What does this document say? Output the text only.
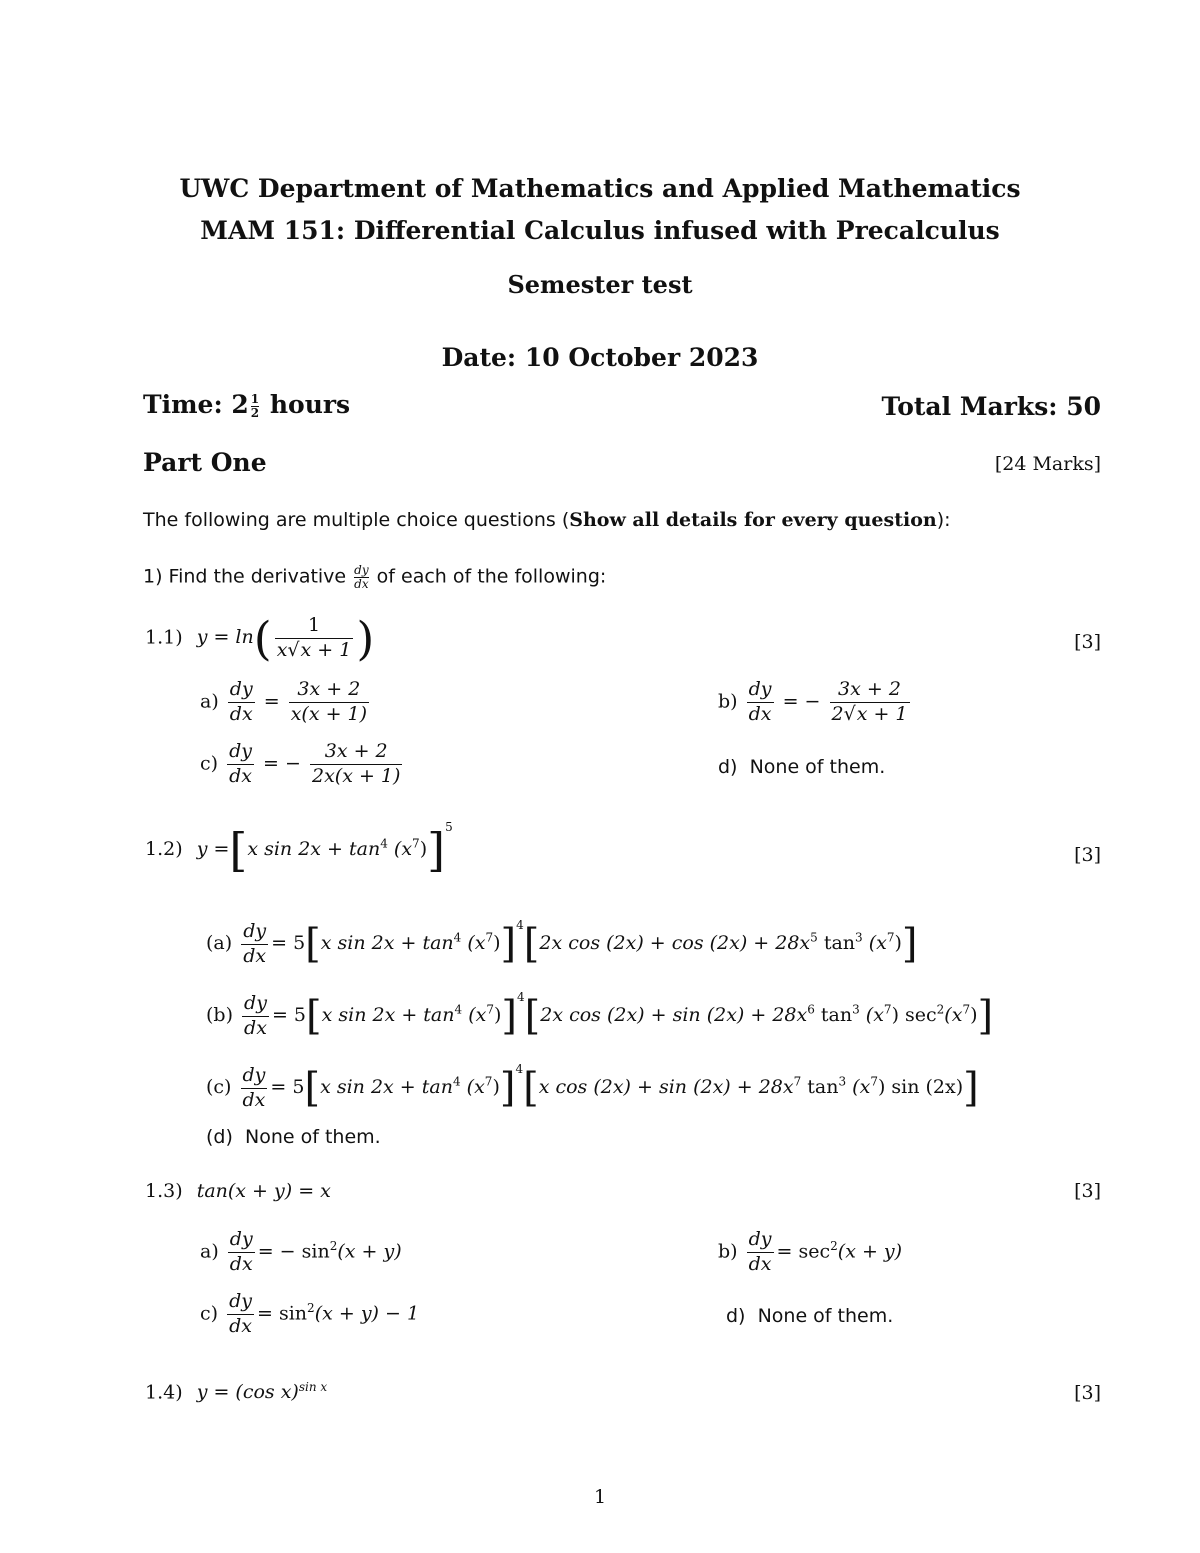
UWC Department of Mathematics and Applied Mathematics
MAM 151: Differential Calculus infused with Precalculus
Semester test
Date: 10 October 2023
Time: $2 \frac{1}{2}$ hours	Total Marks: 50
Part One	[24 Marks]
The following are multiple choice questions (Show all details for every question):
1) Find the derivative $\frac{dy}{dx}$ of each of the following:
1.1) $y = \ln( \frac{1}{x√x + 1}$ )	[3]
$a) \frac{dy}{dx} = \frac{3x + 2}{x(x + 1)}$	$b) \frac{dy}{dx}$ = − $\frac{3x + 2}{2√x + 1}$
$c) \frac{dy}{dx}$ = − $\frac{3x + 2}{2x(x + 1)}$	d) None of them.
1.2) y =[x $\sin 2x + \tan^4 (x^7)]^5$
[3]
$(a) \frac{dy}{dx} = 5[x$ $\sin 2x + \tan^4 (x^7)]^4[2x$ $\cos (2x) + \cos (2x) + 28x^5$ $\tan^3 (x^7)$]
$(b) \frac{dy}{dx} = 5[x$ $\sin 2x + \tan^4 (x^7)]^4[2x$ $\cos (2x) + \sin (2x) + 28x^6$ $\tan^3 (x^7)$ $\sec^2(x^7)$]
$(c) \frac{dy}{dx} = 5[x$ $\sin 2x + \tan^4 (x^7)]^4[x$ $\cos (2x) + \sin (2x) + 28x^7$ $\tan^3 (x^7)$ sin (2x)]
(d) None of them.
1.3) tan(x + y) = x	[3]
$a) \frac{dy}{dx}$ = − $\sin^2(x + y)$	$b) \frac{dy}{dx} = \sec^2(x + y)$
$c) \frac{dy}{dx} = \sin^2(x + y) - 1$	d) None of them.
1.4) y = (cos x)$^{sin x}$	[3]
1
